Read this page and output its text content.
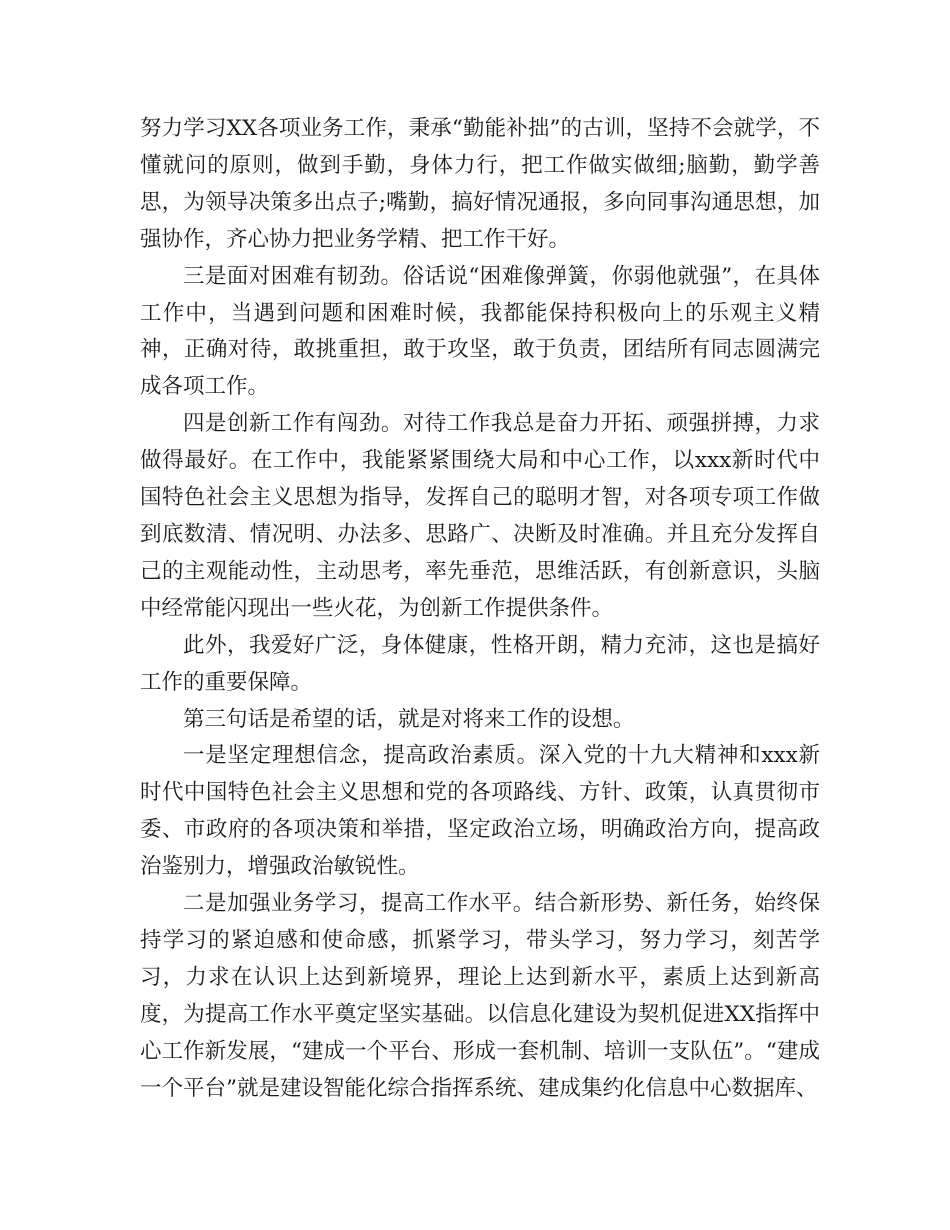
努力学习XX各项业务工作，秉承“勤能补拙”的古训，坚持不会就学，不懂就问的原则，做到手勤，身体力行，把工作做实做细;脑勤，勤学善思，为领导决策多出点子;嘴勤，搞好情况通报，多向同事沟通思想，加强协作，齐心协力把业务学精、把工作干好。

三是面对困难有韧劲。俗话说“困难像弹簧，你弱他就强”，在具体工作中，当遇到问题和困难时候，我都能保持积极向上的乐观主义精神，正确对待，敢挑重担，敢于攻坚，敢于负责，团结所有同志圆满完成各项工作。

四是创新工作有闯劲。对待工作我总是奋力开拓、顽强拼搏，力求做得最好。在工作中，我能紧紧围绕大局和中心工作，以xxx新时代中国特色社会主义思想为指导，发挥自己的聪明才智，对各项专项工作做到底数清、情况明、办法多、思路广、决断及时准确。并且充分发挥自己的主观能动性，主动思考，率先垂范，思维活跃，有创新意识，头脑中经常能闪现出一些火花，为创新工作提供条件。

此外，我爱好广泛，身体健康，性格开朗，精力充沛，这也是搞好工作的重要保障。

第三句话是希望的话，就是对将来工作的设想。

一是坚定理想信念，提高政治素质。深入党的十九大精神和xxx新时代中国特色社会主义思想和党的各项路线、方针、政策，认真贯彻市委、市政府的各项决策和举措，坚定政治立场，明确政治方向，提高政治鉴别力，增强政治敏锐性。

二是加强业务学习，提高工作水平。结合新形势、新任务，始终保持学习的紧迫感和使命感，抓紧学习，带头学习，努力学习，刻苦学习，力求在认识上达到新境界，理论上达到新水平，素质上达到新高度，为提高工作水平奠定坚实基础。以信息化建设为契机促进XX指挥中心工作新发展，“建成一个平台、形成一套机制、培训一支队伍”。“建成一个平台”就是建设智能化综合指挥系统、建成集约化信息中心数据库、
